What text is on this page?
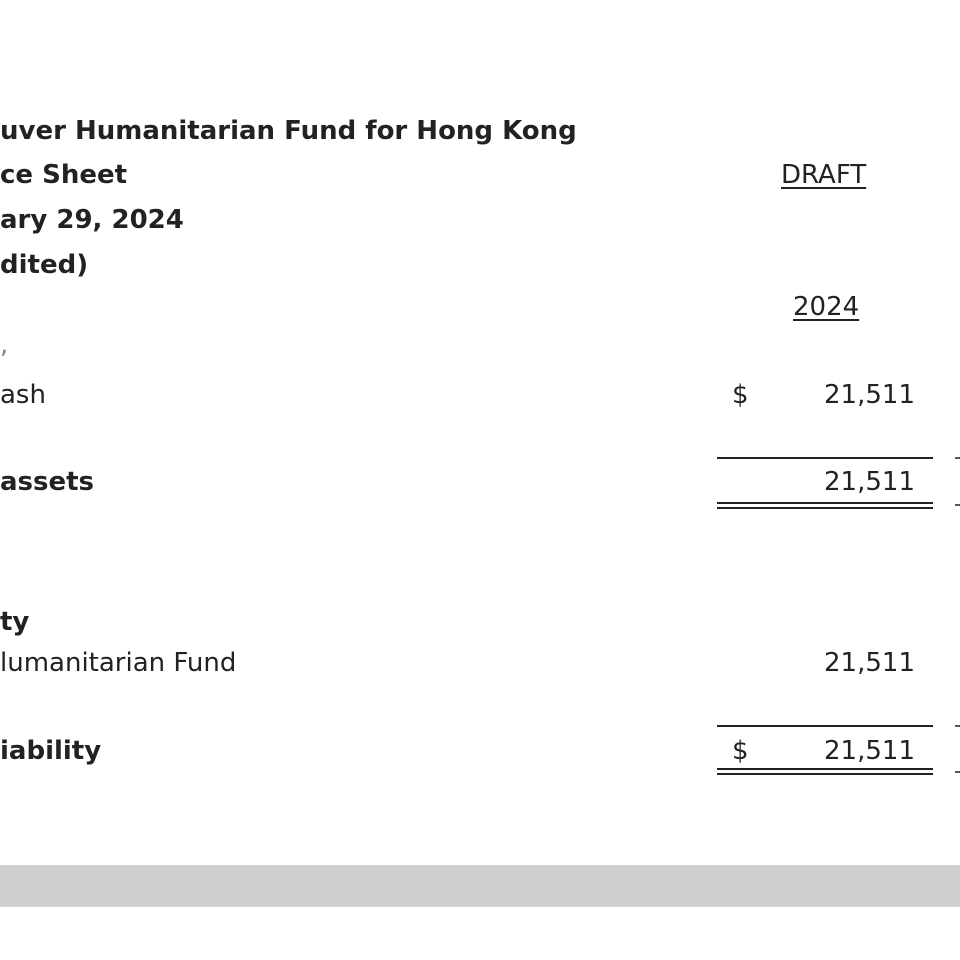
uver Humanitarian Fund for Hong Kong
ce Sheet	DRAFT
ary 29, 2024
dited)
2024
,
ash	$	21,511
assets	21,511
ty
lumanitarian Fund	21,511
iability	$	21,511
